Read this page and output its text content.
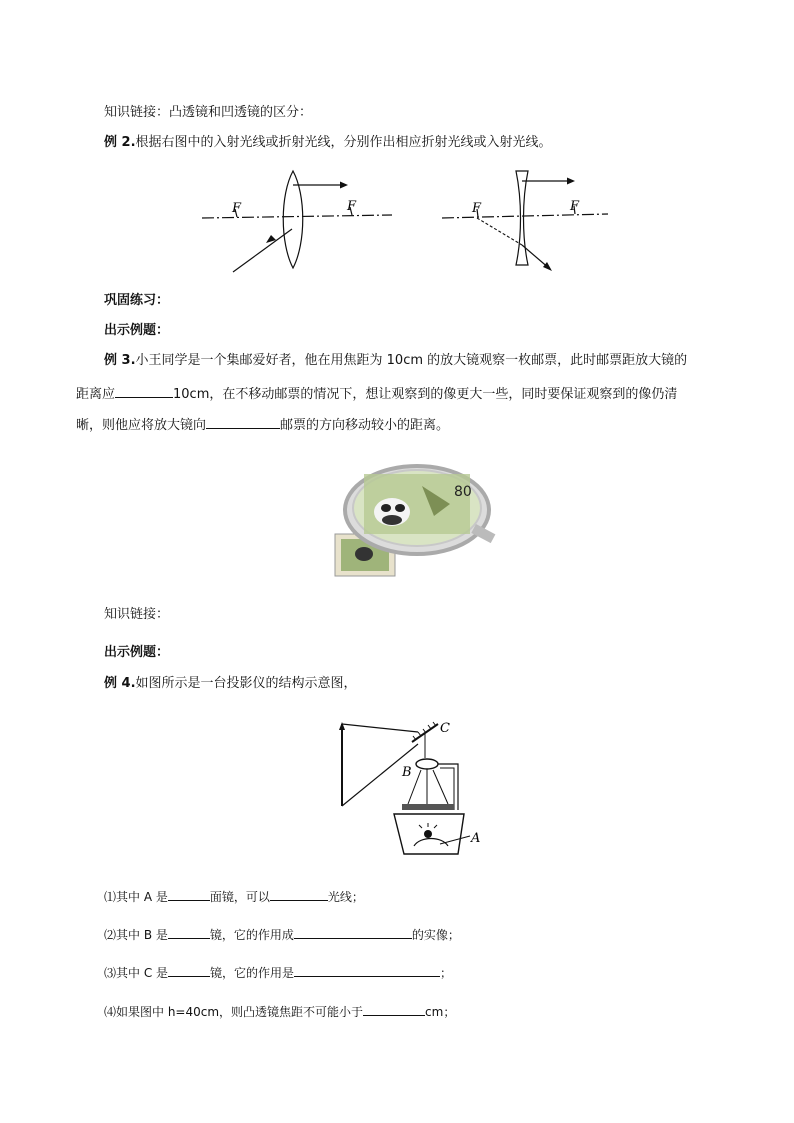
知识链接：凸透镜和凹透镜的区分：
例 2.根据右图中的入射光线或折射光线，分别作出相应折射光线或入射光线。
F	F	F	F
巩固练习：
出示例题：
例 3.小王同学是一个集邮爱好者，他在用焦距为 10cm 的放大镜观察一枚邮票，此时邮票距放大镜的
距离应	10cm，在不移动邮票的情况下，想让观察到的像更大一些，同时要保证观察到的像仍清
晰，则他应将放大镜向	邮票的方向移动较小的距离。
80
知识链接：
出示例题：
例 4.如图所示是一台投影仪的结构示意图，
C
B
A
⑴其中 A 是	面镜，可以	光线；
⑵其中 B 是	镜，它的作用成	的实像；
⑶其中 C 是	镜，它的作用是	；
⑷如果图中 h=40cm，则凸透镜焦距不可能小于	cm；
